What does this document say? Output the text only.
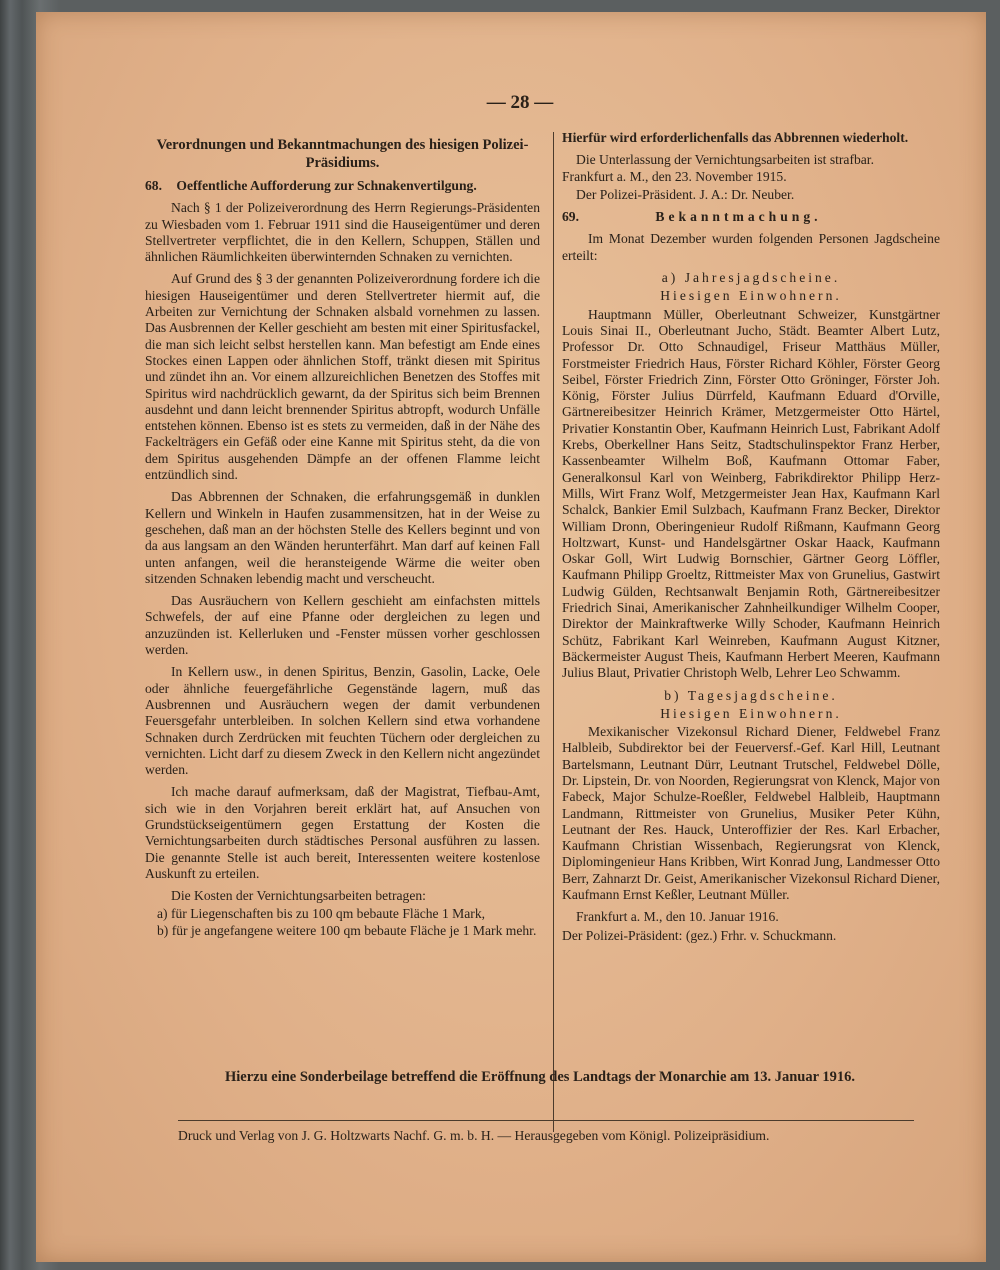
— 28 —
Verordnungen und Bekanntmachungen des hiesigen Polizei-Präsidiums.
68. Oeffentliche Aufforderung zur Schnakenvertilgung.

Nach § 1 der Polizeiverordnung des Herrn Regierungs-Präsidenten zu Wiesbaden vom 1. Februar 1911 sind die Hauseigentümer und deren Stellvertreter verpflichtet, die in den Kellern, Schuppen, Ställen und ähnlichen Räumlichkeiten überwinternden Schnaken zu vernichten.

Auf Grund des § 3 der genannten Polizeiverordnung fordere ich die hiesigen Hauseigentümer und deren Stellvertreter hiermit auf, die Arbeiten zur Vernichtung der Schnaken alsbald vornehmen zu lassen. Das Ausbrennen der Keller geschieht am besten mit einer Spiritusfackel, die man sich leicht selbst herstellen kann. Man befestigt am Ende eines Stockes einen Lappen oder ähnlichen Stoff, tränkt diesen mit Spiritus und zündet ihn an. Vor einem allzureichlichen Benetzen des Stoffes mit Spiritus wird nachdrücklich gewarnt, da der Spiritus sich beim Brennen ausdehnt und dann leicht brennender Spiritus abtropft, wodurch Unfälle entstehen können. Ebenso ist es stets zu vermeiden, daß in der Nähe des Fackelträgers ein Gefäß oder eine Kanne mit Spiritus steht, da die von dem Spiritus ausgehenden Dämpfe an der offenen Flamme leicht entzündlich sind.

Das Abbrennen der Schnaken, die erfahrungsgemäß in dunklen Kellern und Winkeln in Haufen zusammensitzen, hat in der Weise zu geschehen, daß man an der höchsten Stelle des Kellers beginnt und von da aus langsam an den Wänden herunterfährt. Man darf auf keinen Fall unten anfangen, weil die heransteigende Wärme die weiter oben sitzenden Schnaken lebendig macht und verscheucht.

Das Ausräuchern von Kellern geschieht am einfachsten mittels Schwefels, der auf eine Pfanne oder dergleichen zu legen und anzuzünden ist. Kellerluken und -Fenster müssen vorher geschlossen werden.

In Kellern usw., in denen Spiritus, Benzin, Gasolin, Lacke, Oele oder ähnliche feuergefährliche Gegenstände lagern, muß das Ausbrennen und Ausräuchern wegen der damit verbundenen Feuersgefahr unterbleiben. In solchen Kellern sind etwa vorhandene Schnaken durch Zerdrücken mit feuchten Tüchern oder dergleichen zu vernichten. Licht darf zu diesem Zweck in den Kellern nicht angezündet werden.

Ich mache darauf aufmerksam, daß der Magistrat, Tiefbau-Amt, sich wie in den Vorjahren bereit erklärt hat, auf Ansuchen von Grundstückseigentümern gegen Erstattung der Kosten die Vernichtungsarbeiten durch städtisches Personal ausführen zu lassen. Die genannte Stelle ist auch bereit, Interessenten weitere kostenlose Auskunft zu erteilen.

Die Kosten der Vernichtungsarbeiten betragen:

a) für Liegenschaften bis zu 100 qm bebaute Fläche 1 Mark,

b) für je angefangene weitere 100 qm bebaute Fläche je 1 Mark mehr.

Hierfür wird erforderlichenfalls das Abbrennen wiederholt.

Die Unterlassung der Vernichtungsarbeiten ist strafbar.

Frankfurt a. M., den 23. November 1915.

Der Polizei-Präsident. J. A.: Dr. Neuber.

69.	Bekanntmachung.

Im Monat Dezember wurden folgenden Personen Jagdscheine erteilt:

a) Jahresjagdscheine.

Hiesigen Einwohnern.

Hauptmann Müller, Oberleutnant Schweizer, Kunstgärtner Louis Sinai II., Oberleutnant Jucho, Städt. Beamter Albert Lutz, Professor Dr. Otto Schnaudigel, Friseur Matthäus Müller, Forstmeister Friedrich Haus, Förster Richard Köhler, Förster Georg Seibel, Förster Friedrich Zinn, Förster Otto Gröninger, Förster Joh. König, Förster Julius Dürrfeld, Kaufmann Eduard d'Orville, Gärtnereibesitzer Heinrich Krämer, Metzgermeister Otto Härtel, Privatier Konstantin Ober, Kaufmann Heinrich Lust, Fabrikant Adolf Krebs, Oberkellner Hans Seitz, Stadtschulinspektor Franz Herber, Kassenbeamter Wilhelm Boß, Kaufmann Ottomar Faber, Generalkonsul Karl von Weinberg, Fabrikdirektor Philipp Herz-Mills, Wirt Franz Wolf, Metzgermeister Jean Hax, Kaufmann Karl Schalck, Bankier Emil Sulzbach, Kaufmann Franz Becker, Direktor William Dronn, Oberingenieur Rudolf Rißmann, Kaufmann Georg Holtzwart, Kunst- und Handelsgärtner Oskar Haack, Kaufmann Oskar Goll, Wirt Ludwig Bornschier, Gärtner Georg Löffler, Kaufmann Philipp Groeltz, Rittmeister Max von Grunelius, Gastwirt Ludwig Gülden, Rechtsanwalt Benjamin Roth, Gärtnereibesitzer Friedrich Sinai, Amerikanischer Zahnheilkundiger Wilhelm Cooper, Direktor der Mainkraftwerke Willy Schoder, Kaufmann Heinrich Schütz, Fabrikant Karl Weinreben, Kaufmann August Kitzner, Bäckermeister August Theis, Kaufmann Herbert Meeren, Kaufmann Julius Blaut, Privatier Christoph Welb, Lehrer Leo Schwamm.

b) Tagesjagdscheine.

Hiesigen Einwohnern.

Mexikanischer Vizekonsul Richard Diener, Feldwebel Franz Halbleib, Subdirektor bei der Feuerversf.-Gef. Karl Hill, Leutnant Bartelsmann, Leutnant Dürr, Leutnant Trutschel, Feldwebel Dölle, Dr. Lipstein, Dr. von Noorden, Regierungsrat von Klenck, Major von Fabeck, Major Schulze-Roeßler, Feldwebel Halbleib, Hauptmann Landmann, Rittmeister von Grunelius, Musiker Peter Kühn, Leutnant der Res. Hauck, Unteroffizier der Res. Karl Erbacher, Kaufmann Christian Wissenbach, Regierungsrat von Klenck, Diplomingenieur Hans Kribben, Wirt Konrad Jung, Landmesser Otto Berr, Zahnarzt Dr. Geist, Amerikanischer Vizekonsul Richard Diener, Kaufmann Ernst Keßler, Leutnant Müller.

Frankfurt a. M., den 10. Januar 1916.

Der Polizei-Präsident: (gez.) Frhr. v. Schuckmann.

Hierzu eine Sonderbeilage betreffend die Eröffnung des Landtags der Monarchie am 13. Januar 1916.
Druck und Verlag von J. G. Holtzwarts Nachf. G. m. b. H. — Herausgegeben vom Königl. Polizeipräsidium.
